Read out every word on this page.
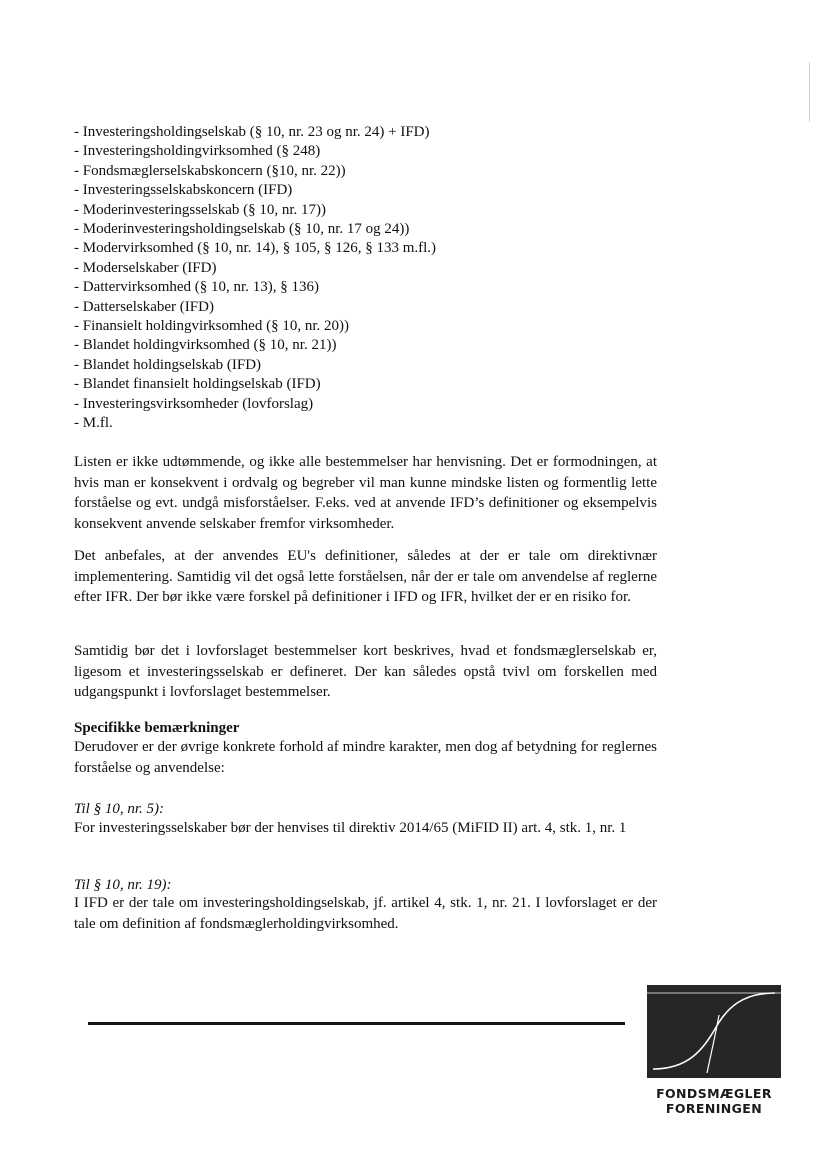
- Investeringsholdingselskab (§ 10, nr. 23 og nr. 24) + IFD)
- Investeringsholdingvirksomhed (§ 248)
- Fondsmæglerselskabskoncern (§10, nr. 22))
- Investeringsselskabskoncern (IFD)
- Moderinvesteringsselskab (§ 10, nr. 17))
- Moderinvesteringsholdingselskab (§ 10, nr. 17 og 24))
- Modervirksomhed (§ 10, nr. 14), § 105, § 126, § 133 m.fl.)
- Moderselskaber (IFD)
- Dattervirksomhed (§ 10, nr. 13), § 136)
- Datterselskaber (IFD)
- Finansielt holdingvirksomhed (§ 10, nr. 20))
- Blandet holdingvirksomhed (§ 10, nr. 21))
- Blandet holdingselskab (IFD)
- Blandet finansielt holdingselskab (IFD)
- Investeringsvirksomheder (lovforslag)
- M.fl.

Listen er ikke udtømmende, og ikke alle bestemmelser har henvisning. Det er formodningen, at hvis man er konsekvent i ordvalg og begreber vil man kunne mindske listen og formentlig lette forståelse og evt. undgå misforståelser. F.eks. ved at anvende IFD’s definitioner og eksempelvis konsekvent anvende selskaber fremfor virksomheder.

Det anbefales, at der anvendes EU's definitioner, således at der er tale om direktivnær implementering. Samtidig vil det også lette forståelsen, når der er tale om anvendelse af reglerne efter IFR. Der bør ikke være forskel på definitioner i IFD og IFR, hvilket der er en risiko for.

Samtidig bør det i lovforslaget bestemmelser kort beskrives, hvad et fondsmæglerselskab er, ligesom et investeringsselskab er defineret. Der kan således opstå tvivl om forskellen med udgangspunkt i lovforslaget bestemmelser.

Specifikke bemærkninger

Derudover er der øvrige konkrete forhold af mindre karakter, men dog af betydning for reglernes forståelse og anvendelse:

Til § 10, nr. 5):

For investeringsselskaber bør der henvises til direktiv 2014/65 (MiFID II) art. 4, stk. 1, nr. 1

Til § 10, nr. 19):

I IFD er der tale om investeringsholdingselskab, jf. artikel 4, stk. 1, nr. 21. I lovforslaget er der tale om definition af fondsmæglerholdingvirksomhed.

FONDSMÆGLER
FORENINGEN
